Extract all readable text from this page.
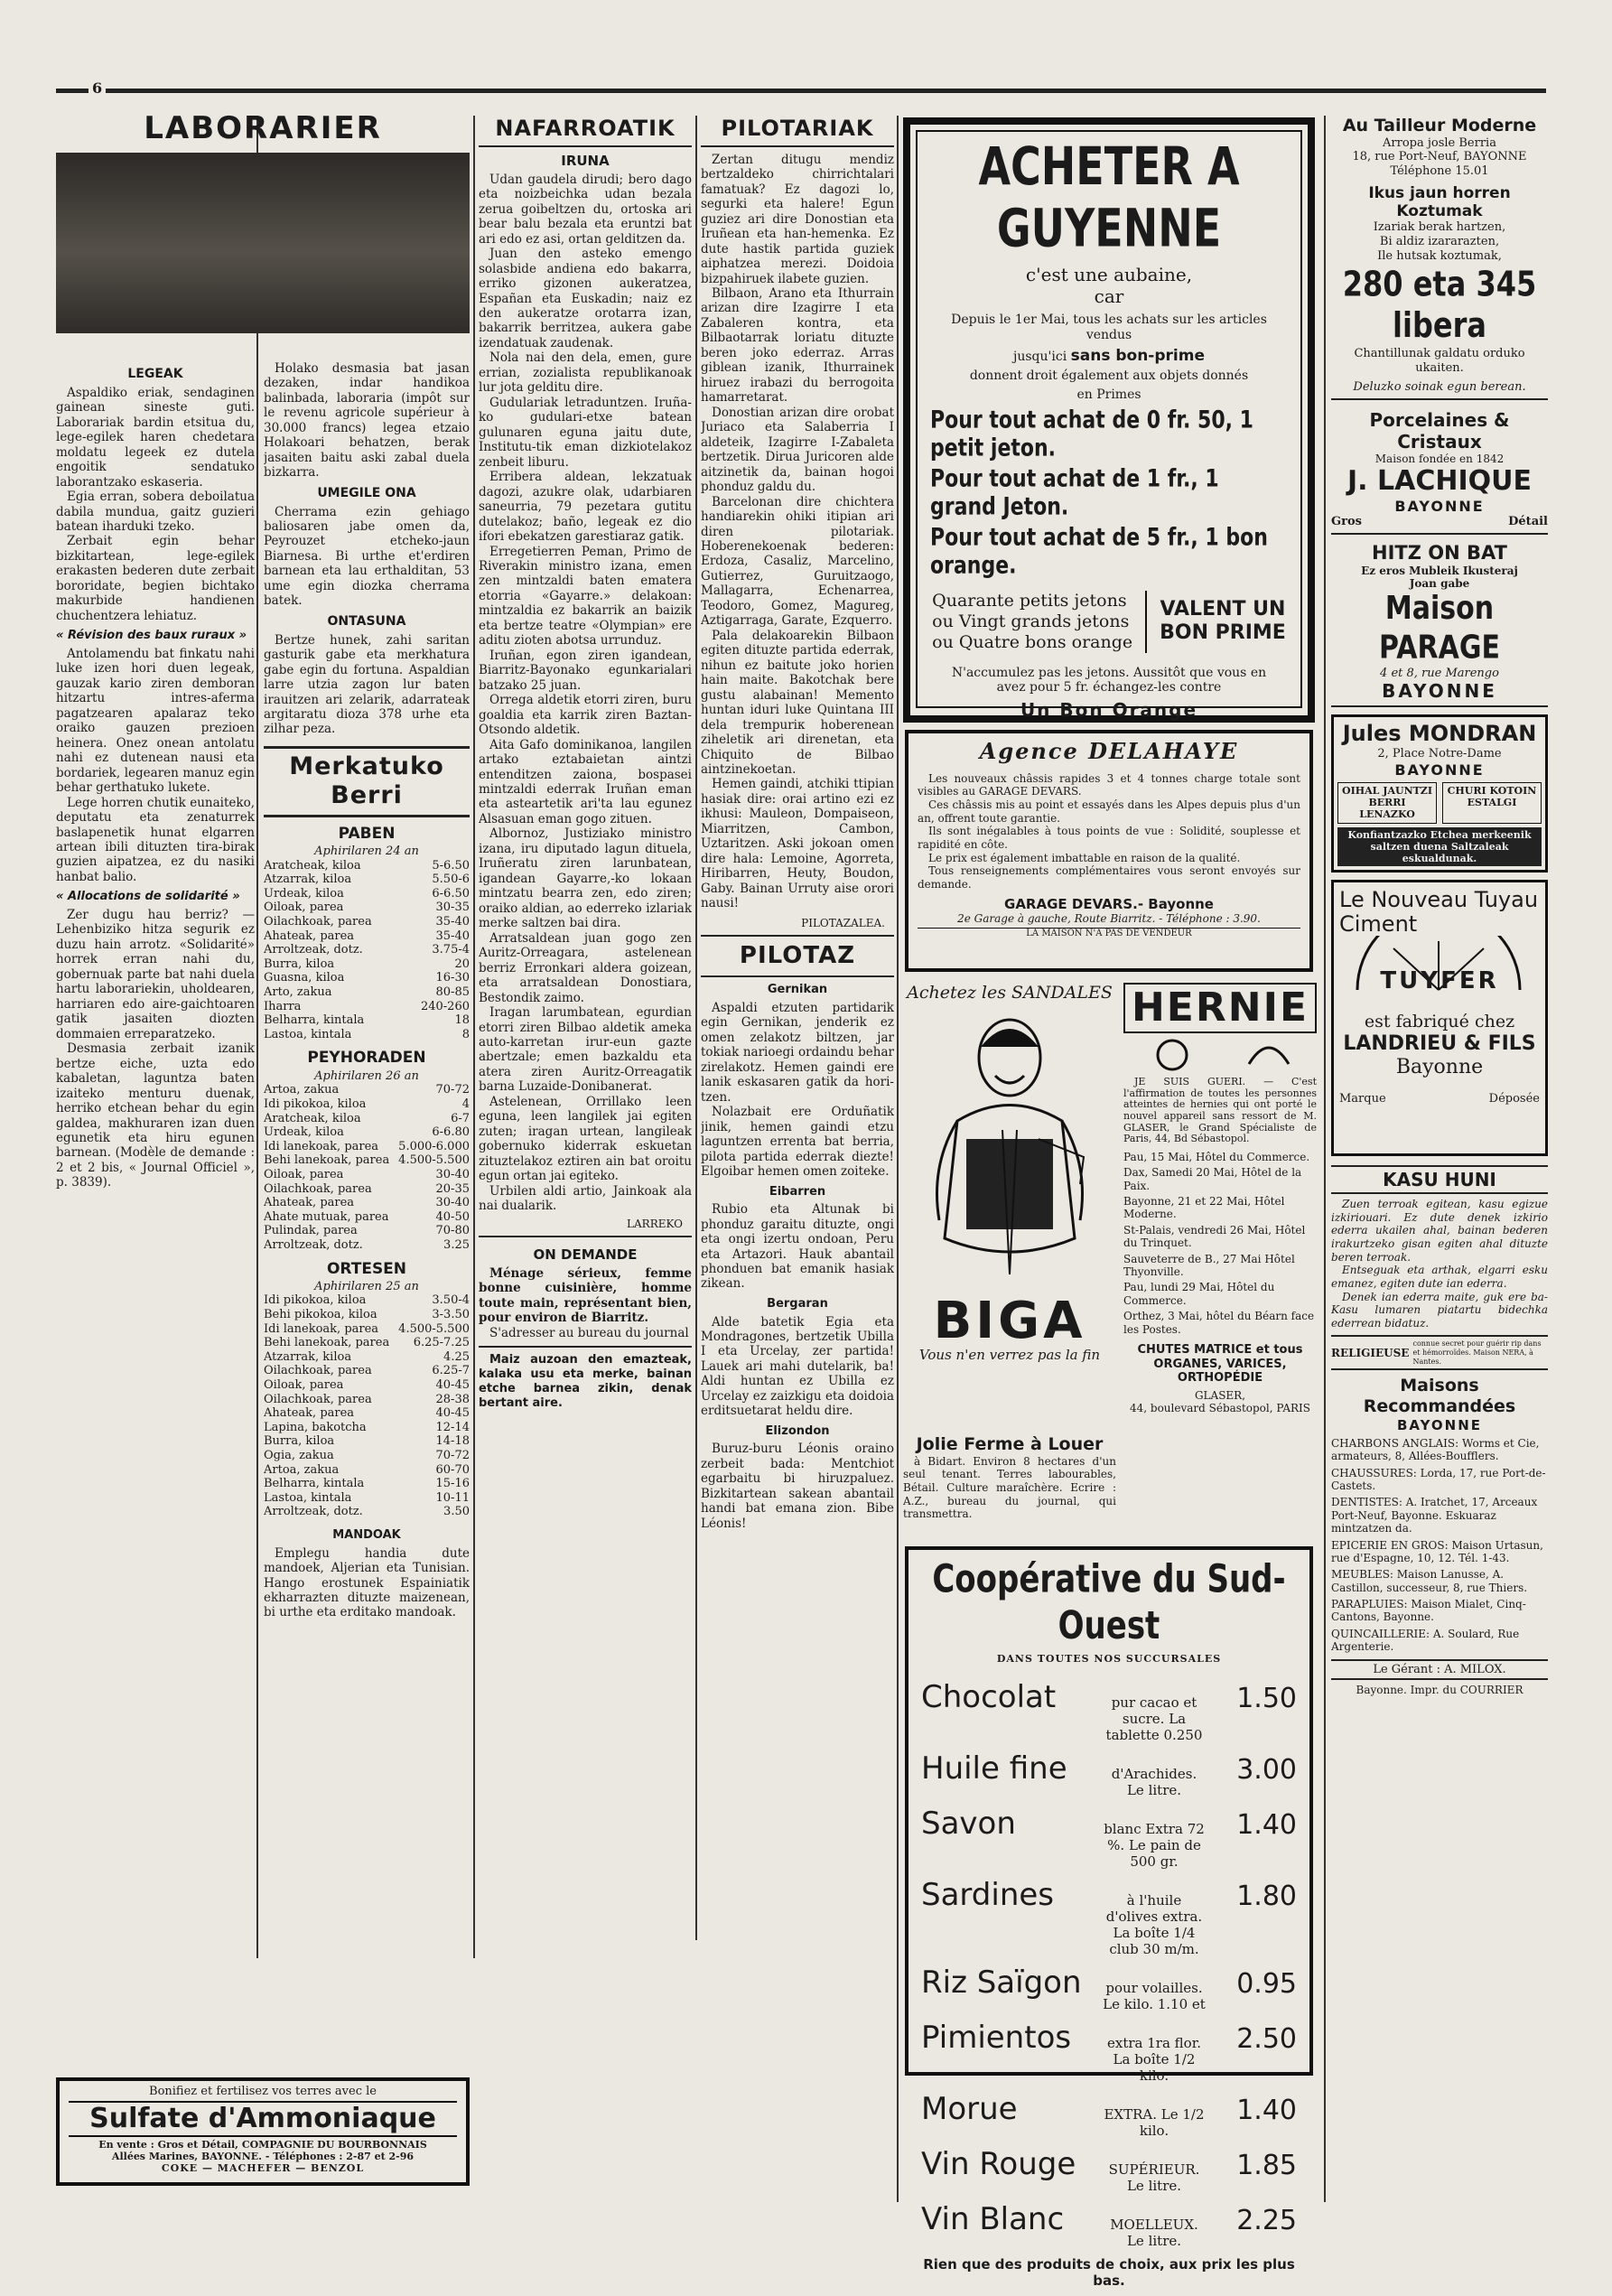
6
LABORARIER
LEGEAK

Aspaldiko eriak, sendaginen gainean sineste guti. Laborariak bardin etsitua du, lege-egilek haren chedetara moldatu legeek ez dutela engoitik sendatuko laborantzako eskaseria.

Egia erran, sobera deboilatua dabila munduа, gaitz guzieri batean iharduki tzeko.

Zerbait egin behar bizkitartean, lege-egilek erakasten bederen dute zerbait bororidate, begien bichtako makurbide handienen chuchentzera lehiatuz.

« Révision des baux ruraux »

Antolamendu bat finkatu nahi luke izen hori duen legeak, gauzak kario ziren demboran hitzartu intres-aferma pagatzearen apalaraz teko oraiko gauzen prezioen heinera. Onez onean antolatu nahi ez dutenean nausi eta bordariek, legearen manuz egin behar gerthatuko lukete.

Lege horren chutik eunaiteko, deputatu eta zenaturrek baslapenetik hunat elgarren artean ibili dituzten tira-birak guzien aipatzea, ez du nasiki hanbat balio.

« Allocations de solidarité »

Zer dugu hau berriz? — Lehenbiziko hitza segurik ez duzu hain arrotz. «Solidarité» horrek erran nahi du, gobernuak parte bat nahi duela hartu laborariekin, uholdearen, harriaren edo aire-gaichtoaren gatik jasaiten diozten dommaien erreparatzeko.

Desmasia zerbait izanik bertze eiche, uzta edo kabaletan, laguntza baten izaiteko menturu duenak, herriko etchean behar du egin galdea, makhuraren izan duen egunetik eta hiru egunen barnean. (Modèle de demande : 2 et 2 bis, « Journal Officiel », p. 3839).

Holako desmasia bat jasan dezaken, indar handikoa balinbada, laboraria (impôt sur le revenu agricole supérieur à 30.000 francs) legea etzaio Holakoari behatzen, berak jasaiten baitu aski zabal duela bizkarra.

UMEGILE ONA

Cherrama ezin gehiago baliosaren jabe omen da, Peyrouzet etcheko-jaun Biarnesa. Bi urthe et'erdiren barnean eta lau erthalditan, 53 ume egin diozka cherrama batek.

ONTASUNA

Bertze hunek, zahi saritan gasturik gabe eta merkhatura gabe egin du fortuna. Aspaldian larre utzia zagon lur baten irauitzen ari zelarik, adarrateak argitaratu dioza 378 urhe eta zilhar peza.

Merkatuko Berri
PABEN
Aphirilaren 24 an
Aratcheak, kiloa	5-6.50
Atzarrak, kiloa	5.50-6
Urdeak, kiloa	6-6.50
Oiloak, parea	30-35
Oilachkoak, parea	35-40
Ahateak, parea	35-40
Arroltzeak, dotz.	3.75-4
Burra, kiloa	20
Guasna, kiloa	16-30
Arto, zakua	80-85
Iharra	240-260
Belharra, kintala	18
Lastoa, kintala	8
PEYHORADEN
Aphirilaren 26 an
Artoa, zakua	70-72
Idi pikokoa, kiloa	4
Aratcheak, kiloa	6-7
Urdeak, kiloa	6-6.80
Idi lanekoak, parea	5.000-6.000
Behi lanekoak, parea	4.500-5.500
Oiloak, parea	30-40
Oilachkoak, parea	20-35
Ahateak, parea	30-40
Ahate mutuak, parea	40-50
Pulindak, parea	70-80
Arroltzeak, dotz.	3.25
ORTESEN
Aphirilaren 25 an
Idi pikokoa, kiloa	3.50-4
Behi pikokoa, kiloa	3-3.50
Idi lanekoak, parea	4.500-5.500
Behi lanekoak, parea	6.25-7.25
Atzarrak, kiloa	4.25
Oilachkoak, parea	6.25-7
Oiloak, parea	40-45
Oilachkoak, parea	28-38
Ahateak, parea	40-45
Lapina, bakotcha	12-14
Burra, kiloa	14-18
Ogia, zakua	70-72
Artoa, zakua	60-70
Belharra, kintala	15-16
Lastoa, kintala	10-11
Arroltzeak, dotz.	3.50
MANDOAK

Emplegu handia dute mandoek, Aljerian eta Tunisian. Hango erostunek Espainiatik ekharrazten dituzte maizenean, bi urthe eta erditako mandoak.

NAFARROATIK
IRUNA

Udan gaudela dirudi; bero dago eta noizbeichka udan bezala zerua goibeltzen du, ortoska ari bear balu bezala eta eruntzi bat ari edo ez asi, ortan gelditzen da.

Juan den asteko emengo solasbide andiena edo bakarra, erriko gizonen aukeratzea, Españan eta Euskadin; naiz ez den aukeratze orotarra izan, bakarrik berritzea, aukera gabe izendatuak zaudenak.

Nola nai den dela, emen, gure errian, zozialista republikanoak lur jota gelditu dire.

Gudulariak letraduntzen. Iruña-ko gudulari-etxe batean gulunaren eguna jaitu dute, Institutu-tik eman dizkiotelakoz zenbeit liburu.

Erriberа aldean, lekzatuak dagozi, azukre olak, udarbiaren saneurria, 79 pezetara gutitu dutelakoz; bañо, legeak ez dio ifori ebekatzen garestiaraz gatik.

Erregetierren Peman, Primo de Riverakin ministro izana, emen zen mintzaldi baten ematera etorria «Gayarre.» delakoan: mintzaldia ez bakarrik an baizik eta bertze teatre «Olympian» ere aditu zioten abotsa urrunduz.

Iruñan, egon ziren igandean, Biarritz-Bayonako egunkarialari batzako 25 juan.

Orregа aldetik etorri ziren, buru goaldia eta karrik ziren Baztan-Otsondo aldetik.

Aita Gafo dominikanoa, langilen artako eztabaietan aintzi entenditzen zaiona, bospasei mintzaldi ederrak Iruñan eman eta asteartetik ari'ta lau egunez Alsasuan eman gogo zituen.

Albornoz, Justiziako ministro izana, iru diputado lagun dituela, Iruñeratu ziren larunbatean, igandean Gayarre,-ko lokaan mintzatu bearra zen, edo ziren; oraiko aldian, ao ederreko izlariak merke saltzen bai dira.

Arratsaldean juan gogo zen Auritz-Orreagara, astelenean berriz Erronkari aldera goizean, eta arratsaldean Donostiara, Bestondik zaimo.

Iragan larumbatean, egurdian etorri ziren Bilbao aldetik ameka auto-karretan irur-eun gazte abertzale; emen bazkaldu eta atera ziren Auritz-Orreagatik barna Luzaide-Donibanerat.

Astelenean, Orrillako leen eguna, leen langilek jai egiten zuten; iragan urtean, langileak gobernuko kiderrak eskuetan zituztelakoz eztiren ain bat oroitu egun ortan jai egiteko.

Urbilen aldi artio, Jainkoak ala nai dualarik.

LARREKO
ON DEMANDE

Ménage sérieux, femme bonne cuisinière, homme toute main, représentant bien, pour environ de Biarritz.

S'adresser au bureau du journal

Maiz auzoan den emazteak, kalaka usu eta merke, bainan etche barnea zikin, denak bertant aire.

PILOTARIAK

Zertan ditugu mendiz bertzaldeko chirrichtalari famatuak? Ez dagozi lo, segurki eta halere! Egun guziez ari dire Donostian eta Iruñean eta han-hemenka. Ez dute hastik partida guziek aiphatzea merezi. Doidoia bizpahiruek ilabete guzien.

Bilbaon, Arano eta Ithurrain arizan dire Izagirre I eta Zabaleren kontra, eta Bilbaotarrak loriatu dituzte beren joko ederraz. Arras giblean izanik, Ithurrainek hiruez irabazi du berrogoita hamarretarat.

Donostian arizan dire orobat Juriaco eta Salaberria I aldeteik, Izagirre I-Zabaleta bertzetik. Dirua Juricoren alde aitzinetik da, bainan hogoi phonduz galdu du.

Barcelonan dire chichtera handiarekin ohiki itipian ari diren pilotariak. Hoberenekoenak bederen: Erdoza, Casaliz, Marcelino, Gutierrez, Guruitzaogo, Mallagarra, Echenarrea, Teodoro, Gomez, Magureg, Aztigarraga, Garate, Ezquerro.

Pala delakoarekin Bilbaon egiten dituzte partida ederrak, nihun ez baitute joko horien hain maite. Bakotchak bere gustu alabainan! Memento huntan iduri luke Quintana III dela trempuriк hoberenean ziheletik ari direnetan, eta Chiquito de Bilbao aintzinekoetan.

Hemen gaindi, atchiki ttipian hasiak dire: orai artino ezi ez ikhusi: Mauleon, Dompaiseon, Miarritzen, Cambon, Uztaritzen. Aski jokoan omen dire hala: Lemoine, Agorreta, Hiribarren, Heuty, Boudon, Gaby. Bainan Urruty aise orori nausi!

PILOTAZALEA.
PILOTAZ
Gernikan

Aspaldi etzuten partidarik egin Gernikan, jenderik ez omen zelakotz biltzen, jar tokiak narioegi ordaindu behar zirelakotz. Hemen gaindi ere lanik eskasaren gatik da hori-tzen.

Nolazbait ere Orduñatik jinik, hemen gaindi etzu laguntzen errenta bat berria, pilota partida ederrak diezte! Elgoibar hemen omen zoiteke.

Eibarren

Rubio eta Altunak bi phonduz garaitu dituzte, ongi eta ongi izertu ondoan, Peru eta Artazori. Hauk abantail phonduen bat emanik hasiak zikean.

Bergaran

Alde batetik Egia eta Mondragones, bertzetik Ubilla I eta Urcelay, zer partida! Lauek ari mahi dutelarik, ba! Aldi huntan ez Ubilla ez Urcelay ez zaizkigu eta doidoia erditsuetarat heldu dire.

Elizondon

Buruz-buru Léonis oraino zerbeit bada: Mentchiot egarbaitu bi hiruzpaluez. Bizkitartean sakean abantail handi bat emana zion. Bibe Léonis!

ACHETER A GUYENNE
c'est une aubaine,
car
Depuis le 1er Mai, tous les achats sur les articles vendus
jusqu'ici sans bon-prime
donnent droit également aux objets donnés
en Primes
Pour tout achat de 0 fr. 50, 1 petit jeton.
Pour tout achat de 1 fr., 1 grand Jeton.
Pour tout achat de 5 fr., 1 bon orange.
Quarante petits jetons
ou Vingt grands jetons
ou Quatre bons orange
VALENT UN
BON PRIME
N'accumulez pas les jetons. Aussitôt que vous en
avez pour 5 fr. échangez-les contre
Un Bon Orange
Agence DELAHAYE

Les nouveaux châssis rapides 3 et 4 tonnes charge totale sont visibles au GARAGE DEVARS.

Ces châssis mis au point et essayés dans les Alpes depuis plus d'un an, offrent toute garantie.

Ils sont inégalables à tous points de vue : Solidité, souplesse et rapidité en côte.

Le prix est également imbattable en raison de la qualité.

Tous renseignements complémentaires vous seront envoyés sur demande.

GARAGE DEVARS.- Bayonne
2e Garage à gauche, Route Biarritz. - Téléphone : 3.90.
LA MAISON N'A PAS DE VENDEUR
Achetez les SANDALES
BIGA
Vous n'en verrez pas la fin
Jolie Ferme à Louer

à Bidart. Environ 8 hectares d'un seul tenant. Terres labourables, Bétail. Culture maraîchère. Ecrire : A.Z., bureau du journal, qui transmettra.

HERNIE

JE SUIS GUERI. — C'est l'affirmation de toutes les personnes atteintes de hernies qui ont porté le nouvel appareil sans ressort de M. GLASER, le Grand Spécialiste de Paris, 44, Bd Sébastopol.

Pau, 15 Mai, Hôtel du Commerce.
Dax, Samedi 20 Mai, Hôtel de la Paix.
Bayonne, 21 et 22 Mai, Hôtel Moderne.
St-Palais, vendredi 26 Mai, Hôtel du Trinquet.
Sauveterre de B., 27 Mai Hôtel Thyonville.
Pau, lundi 29 Mai, Hôtel du Commerce.
Orthez, 3 Mai, hôtel du Béarn face les Postes.
CHUTES MATRICE et tous
ORGANES, VARICES, ORTHOPÉDIE
GLASER,
44, boulevard Sébastopol, PARIS
Coopérative du Sud-Ouest
DANS TOUTES NOS SUCCURSALES
Chocolat	pur cacao et sucre. La tablette 0.250
1.50
Huile fine	d'Arachides. Le litre.
3.00
Savon	blanc Extra 72 %. Le pain de 500 gr.
1.40
Sardines	à l'huile d'olives extra. La boîte 1/4 club 30 m/m.
1.80
Riz Saïgon	pour volailles. Le kilo. 1.10 et
0.95
Pimientos	extra 1ra flor. La boîte 1/2 kilo.
2.50
Morue	EXTRA. Le 1/2 kilo.
1.40
Vin Rouge	SUPÉRIEUR. Le litre.
1.85
Vin Blanc	MOELLEUX. Le litre.
2.25
Rien que des produits de choix, aux prix les plus bas.
Bonifiez et fertilisez vos terres avec le
Sulfate d'Ammoniaque
En vente : Gros et Détail, COMPAGNIE DU BOURBONNAIS
Allées Marines, BAYONNE. - Téléphones : 2-87 et 2-96
COKE — MACHEFER — BENZOL
Au Tailleur Moderne
Arropa josle Berria
18, rue Port-Neuf, BAYONNE
Téléphone 15.01
Ikus jaun horren Koztumak
Izariak berak hartzen,
Bi aldiz izararazten,
Ile hutsak koztumak,
280 eta 345 libera
Chantillunak galdatu orduko ukaiten.
Deluzko soinak egun bereаn.
Porcelaines & Cristaux
Maison fondée en 1842
J. LACHIQUE
BAYONNE
Gros	Détail
HITZ ON BAT
Ez eros Mubleik Ikusteraj
Joan gabe
Maison PARAGE
4 et 8, rue Marengo
BAYONNE
Jules MONDRAN
2, Place Notre-Dame
BAYONNE
OIHAL JAUNTZI BERRI LENAZKO
CHURI KOTOIN ESTALGI
Konfiantzazko Etchea merkeenik saltzen duena Saltzaleak eskualdunak.
Le Nouveau Tuyau Ciment
TUYFER
est fabriqué chez
LANDRIEU & FILS
Bayonne
Marque	Déposée
KASU HUNI

Zuen terroak egitean, kasu egizue izkiriouari. Ez dute denek izkirio ederra ukailen ahal, bainan bederen irakurtzeko gisan egiten ahal dituzte beren terroak.

Entseguak eta arthak, elgarri esku emanez, egiten dute ian ederra.

Denek ian ederra maite, guk ere ba-Kasu lumaren piatartu bidechka ederrean bidatuz.

RELIGIEUSE
connue secret pour guérir rip dans et hémorroïdes. Maison NERA, à Nantes.
Maisons Recommandées
BAYONNE
CHARBONS ANGLAIS: Worms et Cie, armateurs, 8, Allées-Boufflers.
CHAUSSURES: Lorda, 17, rue Port-de-Castets.
DENTISTES: A. Iratchet, 17, Arceaux Port-Neuf, Bayonne. Eskuaraz mintzatzen da.
EPICERIE EN GROS: Maison Urtasun, rue d'Espagne, 10, 12. Tél. 1-43.
MEUBLES: Maison Lanusse, A. Castillon, successeur, 8, rue Thiers.
PARAPLUIES: Maison Mialet, Cinq-Cantons, Bayonne.
QUINCAILLERIE: A. Soulard, Rue Argenterie.
Le Gérant : A. MILOX.
Bayonne. Impr. du COURRIER
